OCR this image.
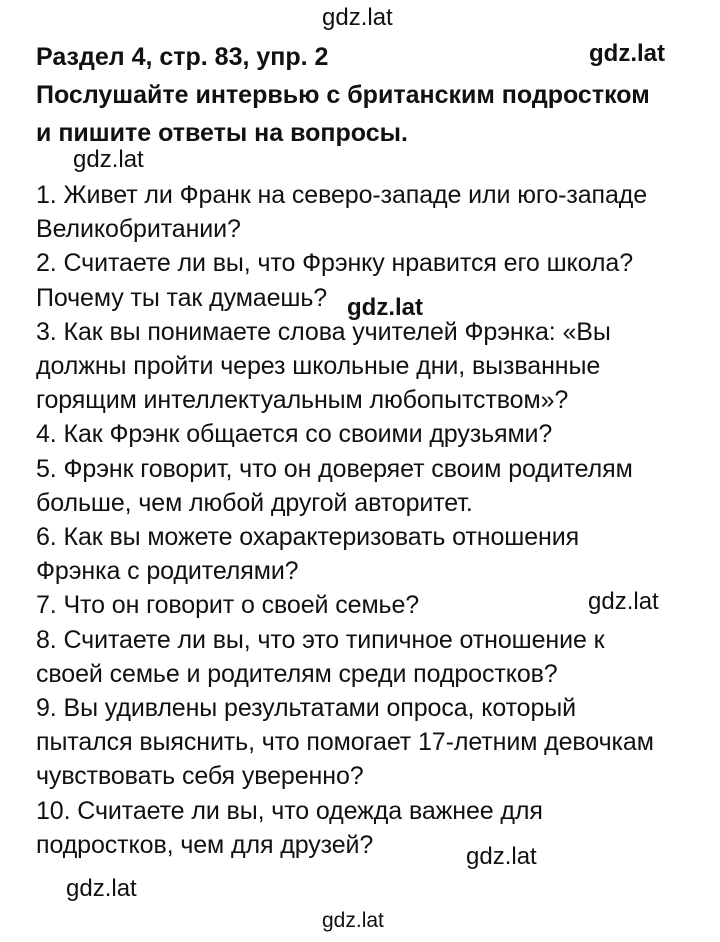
gdz.lat
gdz.lat
gdz.lat
gdz.lat
gdz.lat
gdz.lat
gdz.lat
gdz.lat
Раздел 4, стр. 83, упр. 2
Послушайте интервью с британским подростком
и пишите ответы на вопросы.
1. Живет ли Франк на северо-западе или юго-западе
Великобритании?
2. Считаете ли вы, что Фрэнку нравится его школа?
Почему ты так думаешь?
3. Как вы понимаете слова учителей Фрэнка: «Вы
должны пройти через школьные дни, вызванные
горящим интеллектуальным любопытством»?
4. Как Фрэнк общается со своими друзьями?
5. Фрэнк говорит, что он доверяет своим родителям
больше, чем любой другой авторитет.
6. Как вы можете охарактеризовать отношения
Фрэнка с родителями?
7. Что он говорит о своей семье?
8. Считаете ли вы, что это типичное отношение к
своей семье и родителям среди подростков?
9. Вы удивлены результатами опроса, который
пытался выяснить, что помогает 17-летним девочкам
чувствовать себя уверенно?
10. Считаете ли вы, что одежда важнее для
подростков, чем для друзей?
